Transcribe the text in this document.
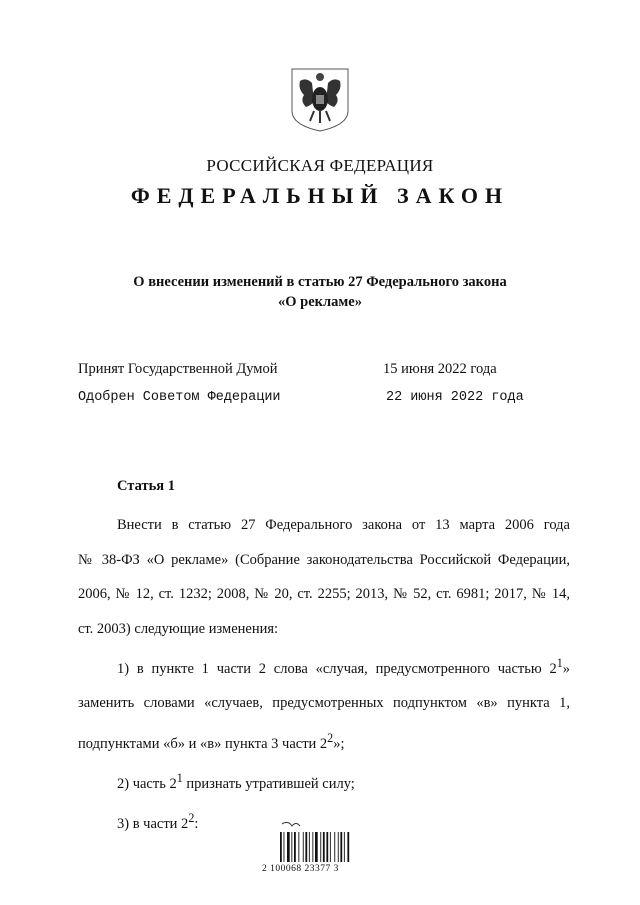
РОССИЙСКАЯ ФЕДЕРАЦИЯ
ФЕДЕРАЛЬНЫЙ ЗАКОН
О внесении изменений в статью 27 Федерального закона
«О рекламе»
Принят Государственной Думой	15 июня 2022 года
Одобрен Советом Федерации	22 июня 2022 года
Статья 1

Внести в статью 27 Федерального закона от 13 марта 2006 года

№ 38-ФЗ «О рекламе» (Собрание законодательства Российской Федерации,

2006, № 12, ст. 1232; 2008, № 20, ст. 2255; 2013, № 52, ст. 6981; 2017, № 14,

ст. 2003) следующие изменения:

1) в пункте 1 части 2 слова «случая, предусмотренного частью $2^1$»

заменить словами «случаев, предусмотренных подпунктом «в» пункта 1,

подпунктами «б» и «в» пункта 3 части $2^2$»;

2) часть $2^1$ признать утратившей силу;

3) в части $2^2$:

2 100068 23377 3
